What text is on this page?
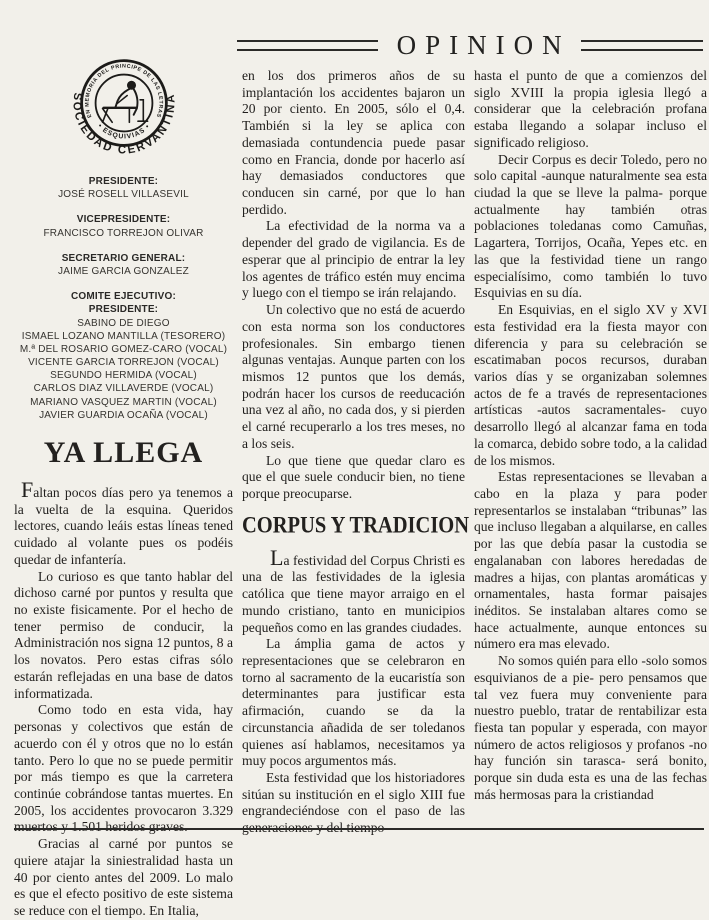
OPINION
SOCIEDAD CERVANTINA
EN MEMORIA DEL PRINCIPE DE LAS LETRAS
• ESQUIVIAS •
PRESIDENTE:
JOSÉ ROSELL VILLASEVIL
VICEPRESIDENTE:
FRANCISCO TORREJON OLIVAR
SECRETARIO GENERAL:
JAIME GARCIA GONZALEZ
COMITE EJECUTIVO:
PRESIDENTE:
SABINO DE DIEGO
ISMAEL LOZANO MANTILLA (TESORERO)
M.ª DEL ROSARIO GOMEZ-CARO (VOCAL)
VICENTE GARCIA TORREJON (VOCAL)
SEGUNDO HERMIDA (VOCAL)
CARLOS DIAZ VILLAVERDE (VOCAL)
MARIANO VASQUEZ MARTIN (VOCAL)
JAVIER GUARDIA OCAÑA (VOCAL)
YA LLEGA

Faltan pocos días pero ya tenemos a la vuelta de la esquina. Queridos lectores, cuando leáis estas líneas tened cuidado al volante pues os podéis quedar de infantería.

Lo curioso es que tanto hablar del dichoso carné por puntos y resulta que no existe fisicamente. Por el hecho de tener permiso de conducir, la Administración nos signa 12 puntos, 8 a los novatos. Pero estas cifras sólo estarán reflejadas en una base de datos informatizada.

Como todo en esta vida, hay personas y colectivos que están de acuerdo con él y otros que no lo están tanto. Pero lo que no se puede permitir por más tiempo es que la carretera continúe cobrándose tantas muertes. En 2005, los accidentes provocaron 3.329 muertos y 1.501 heridos graves.

Gracias al carné por puntos se quiere atajar la siniestralidad hasta un 40 por ciento antes del 2009. Lo malo es que el efecto positivo de este sistema se reduce con el tiempo. En Italia,

en los dos primeros años de su implantación los accidentes bajaron un 20 por ciento. En 2005, sólo el 0,4. También si la ley se aplica con demasiada contundencia puede pasar como en Francia, donde por hacerlo así hay demasiados conductores que conducen sin carné, por que lo han perdido.

La efectividad de la norma va a depender del grado de vigilancia. Es de esperar que al principio de entrar la ley los agentes de tráfico estén muy encima y luego con el tiempo se irán relajando.

Un colectivo que no está de acuerdo con esta norma son los conductores profesionales. Sin embargo tienen algunas ventajas. Aunque parten con los mismos 12 puntos que los demás, podrán hacer los cursos de reeducación una vez al año, no cada dos, y si pierden el carné recuperarlo a los tres meses, no a los seis.

Lo que tiene que quedar claro es que el que suele conducir bien, no tiene porque preocuparse.

CORPUS Y TRADICION

La festividad del Corpus Christi es una de las festividades de la iglesia católica que tiene mayor arraigo en el mundo cristiano, tanto en municipios pequeños como en las grandes ciudades.

La ámplia gama de actos y representaciones que se celebraron en torno al sacramento de la eucaristía son determinantes para justificar esta afirmación, cuando se da la circunstancia añadida de ser toledanos quienes así hablamos, necesitamos ya muy pocos argumentos más.

Esta festividad que los historiadores sitúan su institución en el siglo XIII fue engrandeciéndose con el paso de las generaciones y del tiempo

hasta el punto de que a comienzos del siglo XVIII la propia iglesia llegó a considerar que la celebración profana estaba llegando a solapar incluso el significado religioso.

Decir Corpus es decir Toledo, pero no solo capital -aunque naturalmente sea esta ciudad la que se lleve la palma- porque actualmente hay también otras poblaciones toledanas como Camuñas, Lagartera, Torrijos, Ocaña, Yepes etc. en las que la festividad tiene un rango especialísimo, como también lo tuvo Esquivias en su día.

En Esquivias, en el siglo XV y XVI esta festividad era la fiesta mayor con diferencia y para su celebración se escatimaban pocos recursos, duraban varios días y se organizaban solemnes actos de fe a través de representaciones artísticas -autos sacramentales- cuyo desarrollo llegó al alcanzar fama en toda la comarca, debido sobre todo, a la calidad de los mismos.

Estas representaciones se llevaban a cabo en la plaza y para poder representarlos se instalaban “tribunas” las que incluso llegaban a alquilarse, en calles por las que debía pasar la custodia se engalanaban con labores heredadas de madres a hijas, con plantas aromáticas y ornamentales, hasta formar paisajes inéditos. Se instalaban altares como se hace actualmente, aunque entonces su número era mas elevado.

No somos quién para ello -solo somos esquivianos de a pie- pero pensamos que tal vez fuera muy conveniente para nuestro pueblo, tratar de rentabilizar esta fiesta tan popular y esperada, con mayor número de actos religiosos y profanos -no hay función sin tarasca- será bonito, porque sin duda esta es una de las fechas más hermosas para la cristiandad
